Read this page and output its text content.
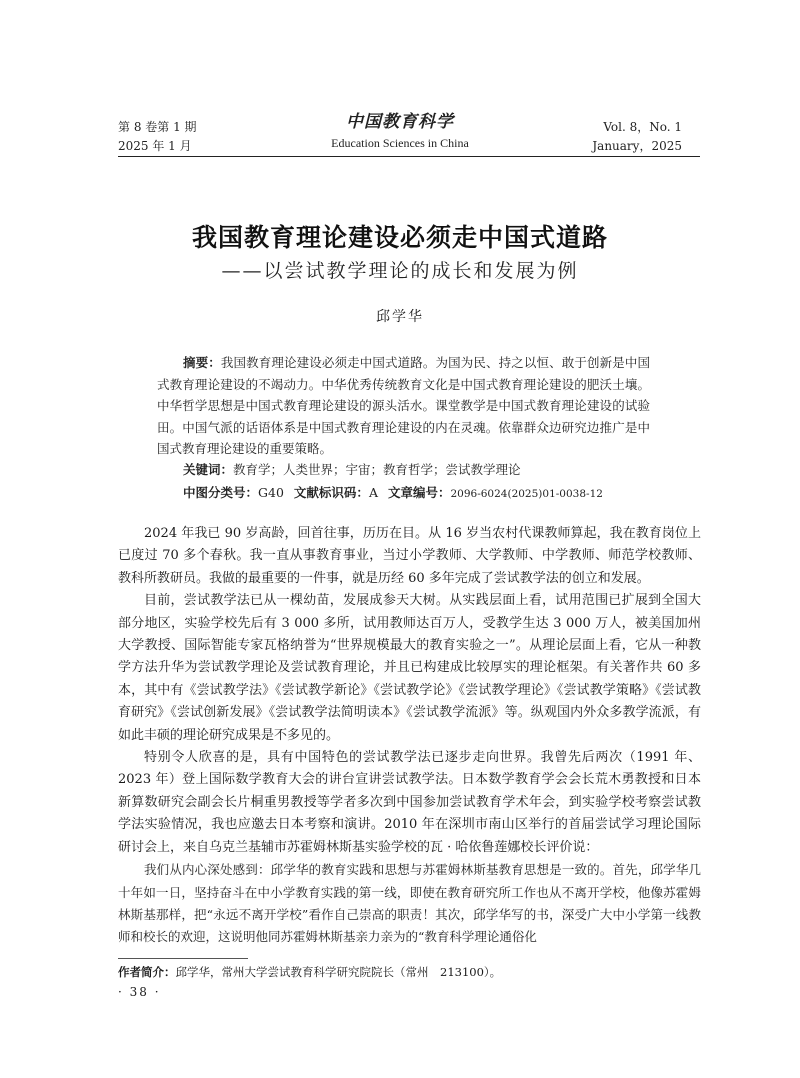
第 8 卷第 1 期
2025 年 1 月
中国教育科学
Education Sciences in China
Vol. 8，No. 1
January，2025
我国教育理论建设必须走中国式道路
——以尝试教学理论的成长和发展为例
邱学华
摘要：我国教育理论建设必须走中国式道路。为国为民、持之以恒、敢于创新是中国式教育理论建设的不竭动力。中华优秀传统教育文化是中国式教育理论建设的肥沃土壤。中华哲学思想是中国式教育理论建设的源头活水。课堂教学是中国式教育理论建设的试验田。中国气派的话语体系是中国式教育理论建设的内在灵魂。依靠群众边研究边推广是中国式教育理论建设的重要策略。
关键词：教育学；人类世界；宇宙；教育哲学；尝试教学理论
中图分类号：G40 文献标识码：A 文章编号：2096-6024(2025)01-0038-12

2024 年我已 90 岁高龄，回首往事，历历在目。从 16 岁当农村代课教师算起，我在教育岗位上已度过 70 多个春秋。我一直从事教育事业，当过小学教师、大学教师、中学教师、师范学校教师、教科所教研员。我做的最重要的一件事，就是历经 60 多年完成了尝试教学法的创立和发展。

目前，尝试教学法已从一棵幼苗，发展成参天大树。从实践层面上看，试用范围已扩展到全国大部分地区，实验学校先后有 3 000 多所，试用教师达百万人，受教学生达 3 000 万人，被美国加州大学教授、国际智能专家瓦格纳誉为“世界规模最大的教育实验之一”。从理论层面上看，它从一种教学方法升华为尝试教学理论及尝试教育理论，并且已构建成比较厚实的理论框架。有关著作共 60 多本，其中有《尝试教学法》《尝试教学新论》《尝试教学论》《尝试教学理论》《尝试教学策略》《尝试教育研究》《尝试创新发展》《尝试教学法简明读本》《尝试教学流派》等。纵观国内外众多教学流派，有如此丰硕的理论研究成果是不多见的。

特别令人欣喜的是，具有中国特色的尝试教学法已逐步走向世界。我曾先后两次（1991 年、2023 年）登上国际数学教育大会的讲台宣讲尝试教学法。日本数学教育学会会长荒木勇教授和日本新算数研究会副会长片桐重男教授等学者多次到中国参加尝试教育学术年会，到实验学校考察尝试教学法实验情况，我也应邀去日本考察和演讲。2010 年在深圳市南山区举行的首届尝试学习理论国际研讨会上，来自乌克兰基辅市苏霍姆林斯基实验学校的瓦 · 哈依鲁莲娜校长评价说：

我们从内心深处感到：邱学华的教育实践和思想与苏霍姆林斯基教育思想是一致的。首先，邱学华几十年如一日，坚持奋斗在中小学教育实践的第一线，即使在教育研究所工作也从不离开学校，他像苏霍姆林斯基那样，把“永远不离开学校”看作自己崇高的职责！其次，邱学华写的书，深受广大中小学第一线教师和校长的欢迎，这说明他同苏霍姆林斯基亲力亲为的“教育科学理论通俗化

作者简介：邱学华，常州大学尝试教育科学研究院院长（常州　213100）。
· 38 ·
